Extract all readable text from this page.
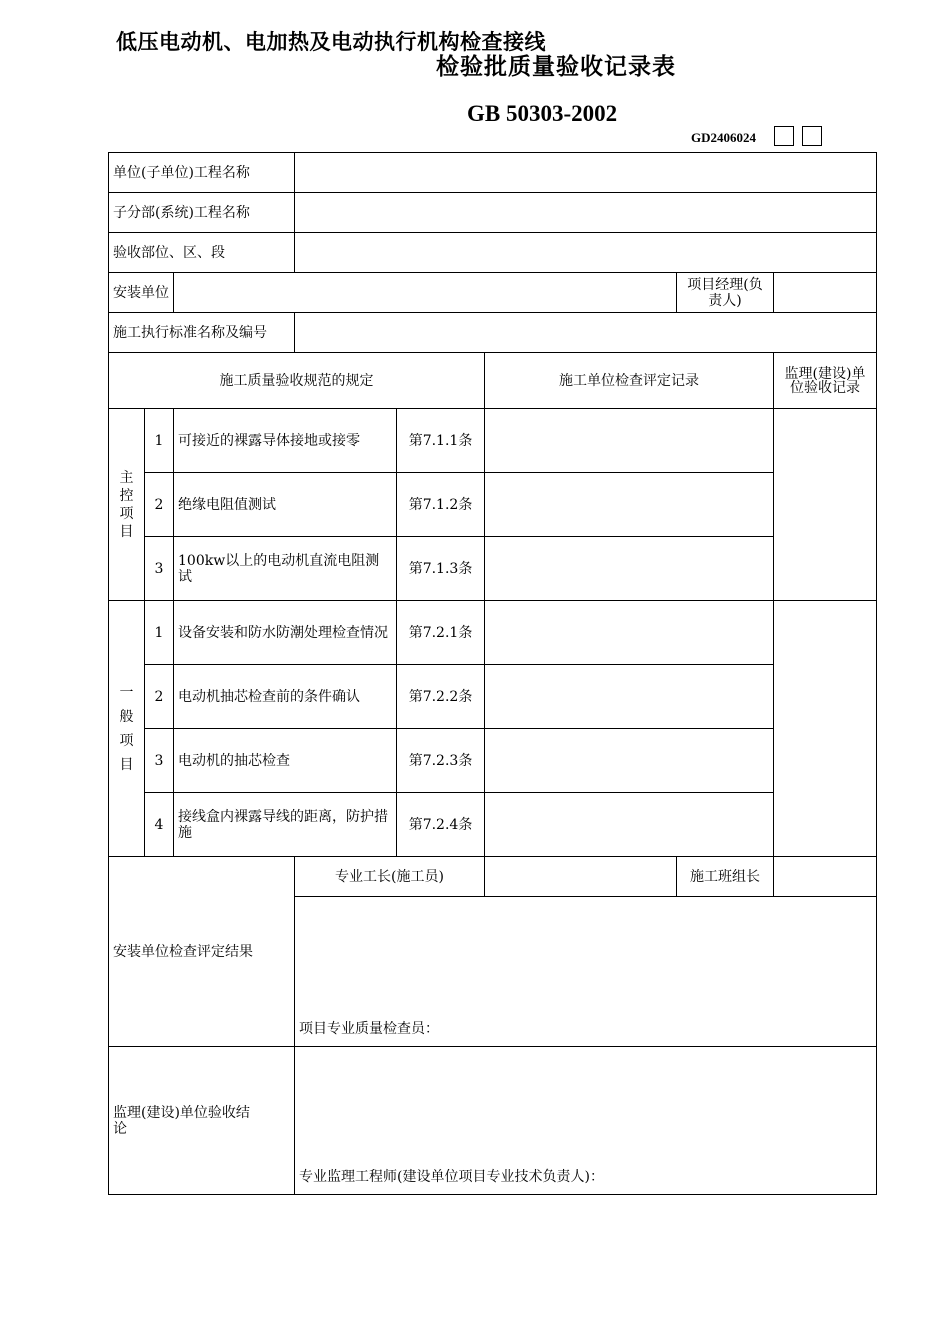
低压电动机、电加热及电动执行机构检查接线
检验批质量验收记录表
GB 50303-2002
GD2406024
单位(子单位)工程名称							
子分部(系统)工程名称							
验收部位、区、段							
安装单位						项目经理(负责人)	
施工执行标准名称及编号							
施工质量验收规范的规定					施工单位检查评定记录		监理(建设)单位验收记录
主控项目	1	可接近的裸露导体接地或接零		第7.1.1条			
	2	绝缘电阻值测试		第7.1.2条			
	3	100kw以上的电动机直流电阻测试		第7.1.3条			
一般项目	1	设备安装和防水防潮处理检查情况		第7.2.1条			
	2	电动机抽芯检查前的条件确认		第7.2.2条			
	3	电动机的抽芯检查		第7.2.3条			
	4	接线盒内裸露导线的距离，防护措施		第7.2.4条			

安装单位检查评定结果			专业工长(施工员)			施工班组长	
			项目专业质量检查员：				

监理(建设)单位验收结论			专业监理工程师(建设单位项目专业技术负责人)：				
